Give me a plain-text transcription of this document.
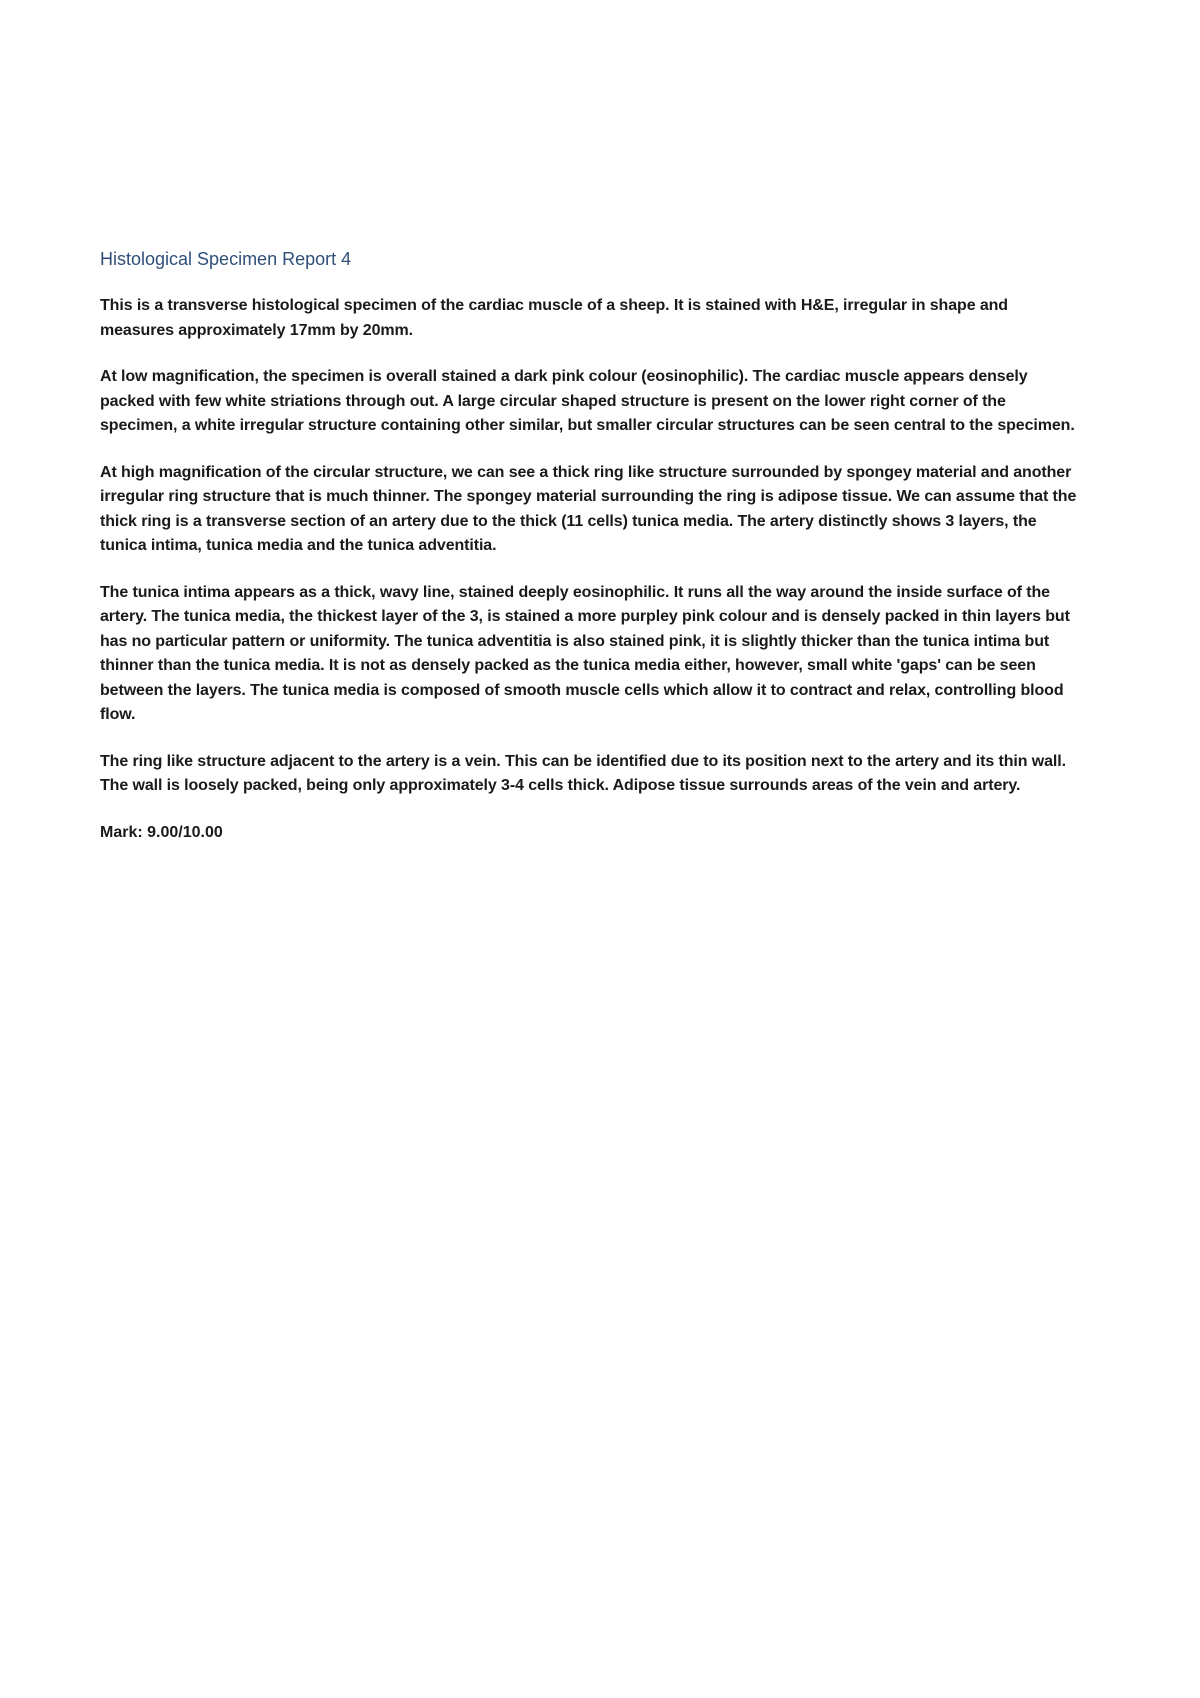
Histological Specimen Report 4

This is a transverse histological specimen of the cardiac muscle of a sheep. It is stained with H&E, irregular in shape and measures approximately 17mm by 20mm.

At low magnification, the specimen is overall stained a dark pink colour (eosinophilic). The cardiac muscle appears densely packed with few white striations through out. A large circular shaped structure is present on the lower right corner of the specimen, a white irregular structure containing other similar, but smaller circular structures can be seen central to the specimen.

At high magnification of the circular structure, we can see a thick ring like structure surrounded by spongey material and another irregular ring structure that is much thinner. The spongey material surrounding the ring is adipose tissue. We can assume that the thick ring is a transverse section of an artery due to the thick (11 cells) tunica media. The artery distinctly shows 3 layers, the tunica intima, tunica media and the tunica adventitia.

The tunica intima appears as a thick, wavy line, stained deeply eosinophilic. It runs all the way around the inside surface of the artery. The tunica media, the thickest layer of the 3, is stained a more purpley pink colour and is densely packed in thin layers but has no particular pattern or uniformity. The tunica adventitia is also stained pink, it is slightly thicker than the tunica intima but thinner than the tunica media. It is not as densely packed as the tunica media either, however, small white 'gaps' can be seen between the layers. The tunica media is composed of smooth muscle cells which allow it to contract and relax, controlling blood flow.

The ring like structure adjacent to the artery is a vein. This can be identified due to its position next to the artery and its thin wall. The wall is loosely packed, being only approximately 3-4 cells thick. Adipose tissue surrounds areas of the vein and artery.

Mark: 9.00/10.00
